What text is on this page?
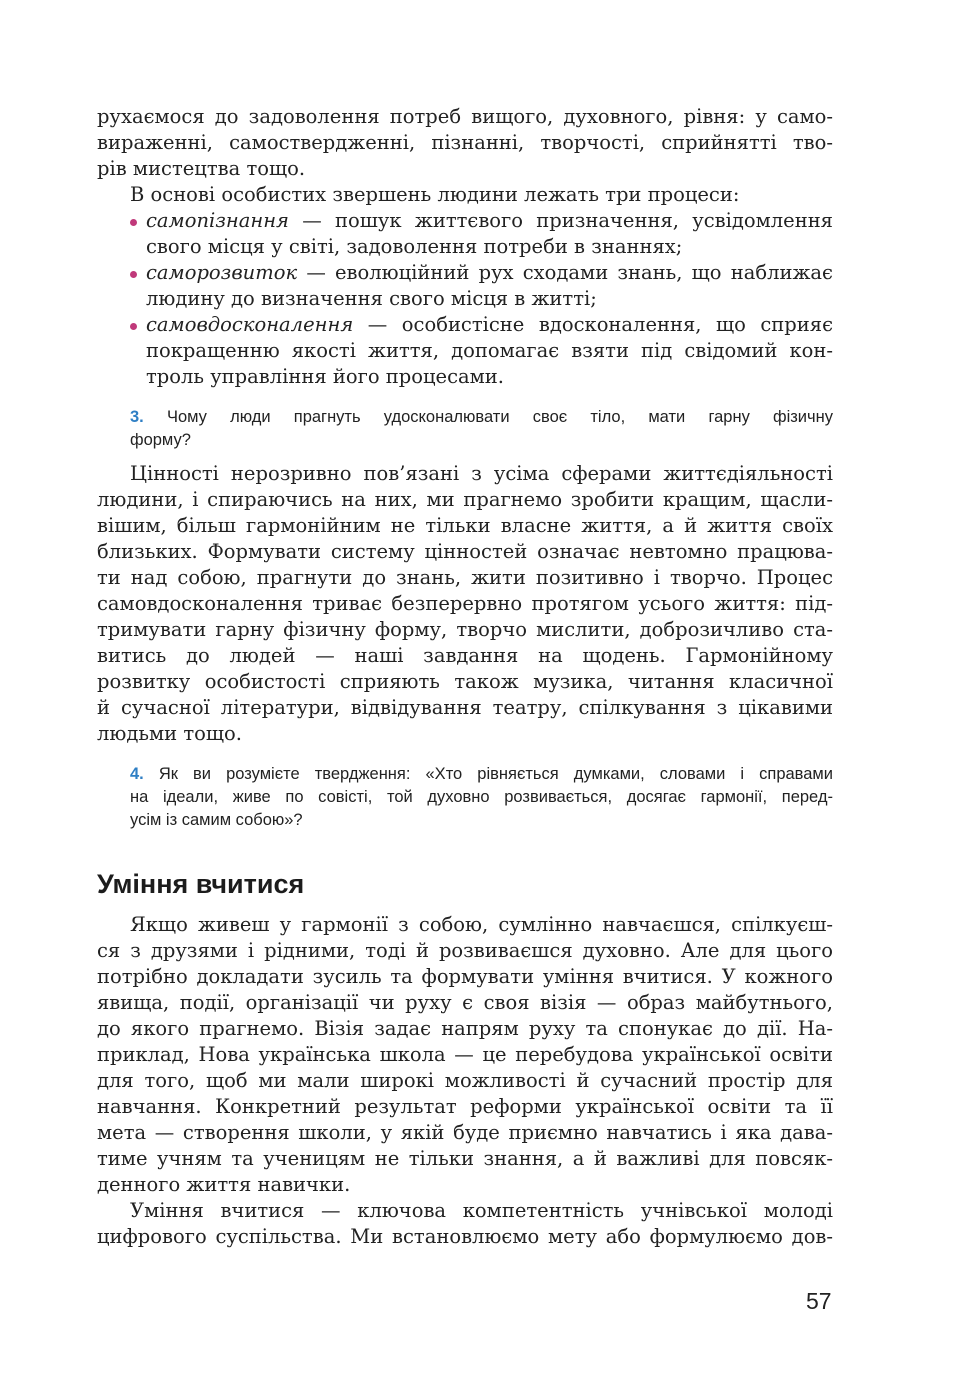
рухаємося до задоволення потреб вищого, духовного, рівня: у само-
вираженні, самоствердженні, пізнанні, творчості, сприйнятті тво-
рів мистецтва тощо.

В основі особистих звершень людини лежать три процеси:

самопізнання — пошук життєвого призначення, усвідомлення
свого місця у світі, задоволення потреби в знаннях;
саморозвиток — еволюційний рух сходами знань, що наближає
людину до визначення свого місця в житті;
самовдосконалення — особистісне вдосконалення, що сприяє
покращенню якості життя, допомагає взяти під свідомий кон-
троль управління його процесами.

3. Чому люди прагнуть удосконалювати своє тіло, мати гарну фізичну
форму?

Цінності нерозривно пов’язані з усіма сферами життєдіяльності
людини, і спираючись на них, ми прагнемо зробити кращим, щасли-
вішим, більш гармонійним не тільки власне життя, а й життя своїх
близьких. Формувати систему цінностей означає невтомно працюва-
ти над собою, прагнути до знань, жити позитивно і творчо. Процес
самовдосконалення триває безперервно протягом усього життя: під-
тримувати гарну фізичну форму, творчо мислити, доброзичливо ста-
витись до людей — наші завдання на щодень. Гармонійному
розвитку особистості сприяють також музика, читання класичної
й сучасної літератури, відвідування театру, спілкування з цікавими
людьми тощо.

4. Як ви розумієте твердження: «Хто рівняється думками, словами і справами
на ідеали, живе по совісті, той духовно розвивається, досягає гармонії, перед-
усім із самим собою»?

Уміння вчитися

Якщо живеш у гармонії з собою, сумлінно навчаєшся, спілкуєш-
ся з друзями і рідними, тоді й розвиваєшся духовно. Але для цього
потрібно докладати зусиль та формувати уміння вчитися. У кожного
явища, події, організації чи руху є своя візія — образ майбутнього,
до якого прагнемо. Візія задає напрям руху та спонукає до дії. На-
приклад, Нова українська школа — це перебудова української освіти
для того, щоб ми мали широкі можливості й сучасний простір для
навчання. Конкретний результат реформи української освіти та її
мета — створення школи, у якій буде приємно навчатись і яка дава-
тиме учням та ученицям не тільки знання, а й важливі для повсяк-
денного життя навички.

Уміння вчитися — ключова компетентність учнівської молоді
цифрового суспільства. Ми встановлюємо мету або формулюємо дов-

57
